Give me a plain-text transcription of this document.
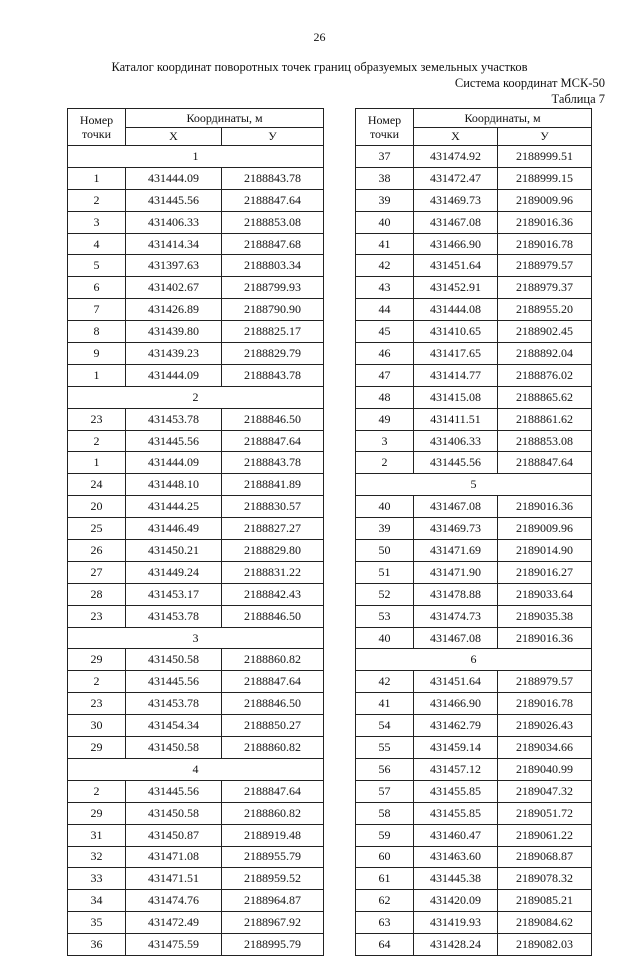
26
Каталог координат поворотных точек границ образуемых земельных участков
Система координат МСК-50
Таблица 7
Номер точки	Координаты, м	
	X	У
1		
1	431444.09	2188843.78
2	431445.56	2188847.64
3	431406.33	2188853.08
4	431414.34	2188847.68
5	431397.63	2188803.34
6	431402.67	2188799.93
7	431426.89	2188790.90
8	431439.80	2188825.17
9	431439.23	2188829.79
1	431444.09	2188843.78
2		
23	431453.78	2188846.50
2	431445.56	2188847.64
1	431444.09	2188843.78
24	431448.10	2188841.89
20	431444.25	2188830.57
25	431446.49	2188827.27
26	431450.21	2188829.80
27	431449.24	2188831.22
28	431453.17	2188842.43
23	431453.78	2188846.50
3		
29	431450.58	2188860.82
2	431445.56	2188847.64
23	431453.78	2188846.50
30	431454.34	2188850.27
29	431450.58	2188860.82
4		
2	431445.56	2188847.64
29	431450.58	2188860.82
31	431450.87	2188919.48
32	431471.08	2188955.79
33	431471.51	2188959.52
34	431474.76	2188964.87
35	431472.49	2188967.92
36	431475.59	2188995.79
Номер точки	Координаты, м	
	X	У
37	431474.92	2188999.51
38	431472.47	2188999.15
39	431469.73	2189009.96
40	431467.08	2189016.36
41	431466.90	2189016.78
42	431451.64	2188979.57
43	431452.91	2188979.37
44	431444.08	2188955.20
45	431410.65	2188902.45
46	431417.65	2188892.04
47	431414.77	2188876.02
48	431415.08	2188865.62
49	431411.51	2188861.62
3	431406.33	2188853.08
2	431445.56	2188847.64
5		
40	431467.08	2189016.36
39	431469.73	2189009.96
50	431471.69	2189014.90
51	431471.90	2189016.27
52	431478.88	2189033.64
53	431474.73	2189035.38
40	431467.08	2189016.36
6		
42	431451.64	2188979.57
41	431466.90	2189016.78
54	431462.79	2189026.43
55	431459.14	2189034.66
56	431457.12	2189040.99
57	431455.85	2189047.32
58	431455.85	2189051.72
59	431460.47	2189061.22
60	431463.60	2189068.87
61	431445.38	2189078.32
62	431420.09	2189085.21
63	431419.93	2189084.62
64	431428.24	2189082.03
